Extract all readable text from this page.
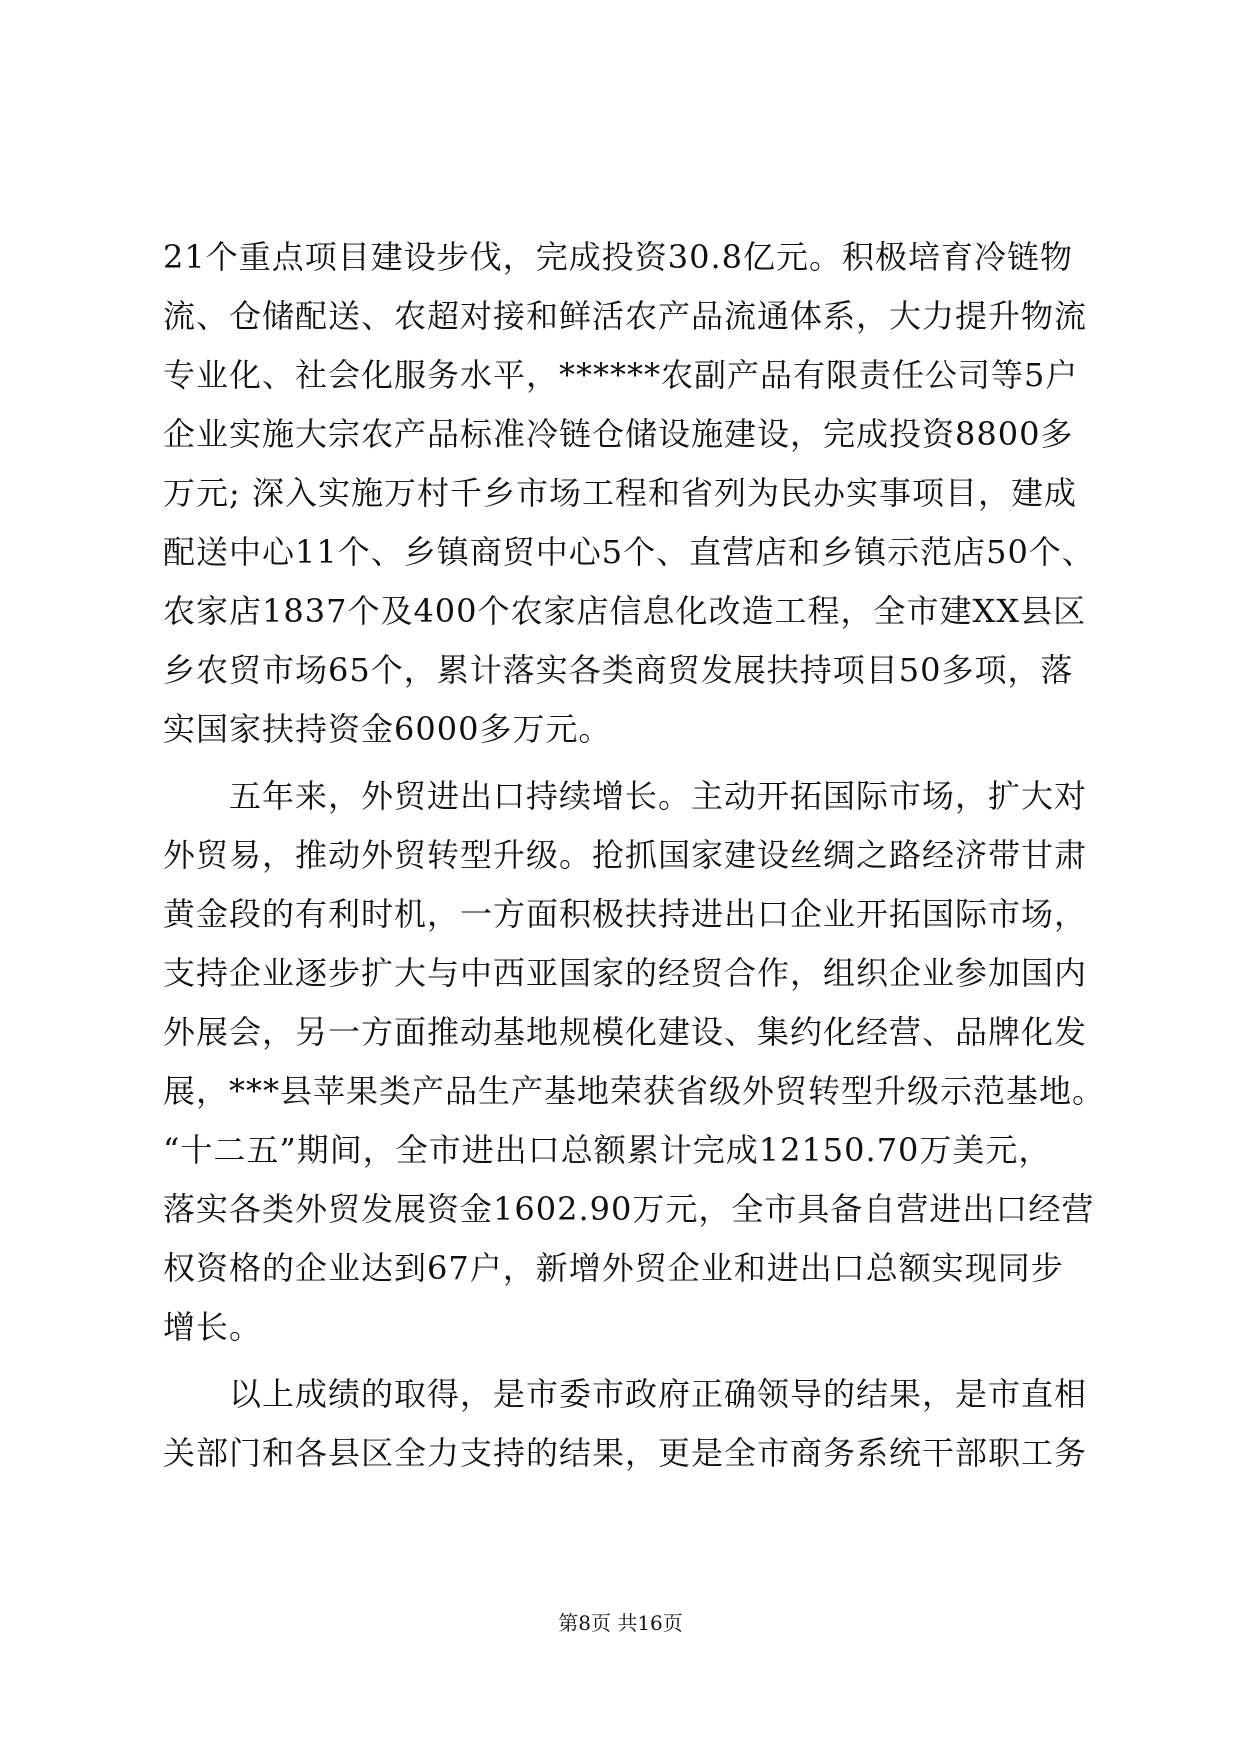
21个重点项目建设步伐，完成投资30.8亿元。积极培育冷链物
流、仓储配送、农超对接和鲜活农产品流通体系，大力提升物流
专业化、社会化服务水平，******农副产品有限责任公司等5户
企业实施大宗农产品标准冷链仓储设施建设，完成投资8800多
万元; 深入实施万村千乡市场工程和省列为民办实事项目，建成
配送中心11个、乡镇商贸中心5个、直营店和乡镇示范店50个、
农家店1837个及400个农家店信息化改造工程，全市建XX县区
乡农贸市场65个，累计落实各类商贸发展扶持项目50多项，落
实国家扶持资金6000多万元。
五年来，外贸进出口持续增长。主动开拓国际市场，扩大对
外贸易，推动外贸转型升级。抢抓国家建设丝绸之路经济带甘肃
黄金段的有利时机，一方面积极扶持进出口企业开拓国际市场，
支持企业逐步扩大与中西亚国家的经贸合作，组织企业参加国内
外展会，另一方面推动基地规模化建设、集约化经营、品牌化发
展，***县苹果类产品生产基地荣获省级外贸转型升级示范基地。
“十二五”期间，全市进出口总额累计完成12150.70万美元，
落实各类外贸发展资金1602.90万元，全市具备自营进出口经营
权资格的企业达到67户，新增外贸企业和进出口总额实现同步
增长。
以上成绩的取得，是市委市政府正确领导的结果，是市直相
关部门和各县区全力支持的结果，更是全市商务系统干部职工务
第8页 共16页
